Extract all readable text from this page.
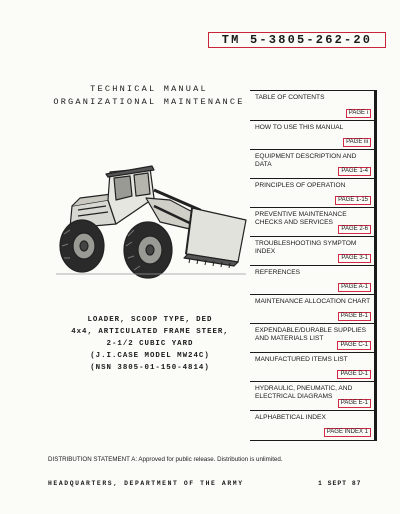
TM 5-3805-262-20
TECHNICAL MANUAL
ORGANIZATIONAL MAINTENANCE
LOADER, SCOOP TYPE, DED
4x4, ARTICULATED FRAME STEER,
2-1/2 CUBIC YARD
(J.I.CASE MODEL MW24C)
(NSN 3805-01-150-4814)
TABLE OF CONTENTS
PAGE i
HOW TO USE THIS MANUAL
PAGE iii
EQUIPMENT DESCRIPTION AND DATA
PAGE 1-4
PRINCIPLES OF OPERATION
PAGE 1-15
PREVENTIVE MAINTENANCE CHECKS AND SERVICES
PAGE 2-6
TROUBLESHOOTING SYMPTOM INDEX
PAGE 3-1
REFERENCES
PAGE A-1
MAINTENANCE ALLOCATION CHART
PAGE B-1
EXPENDABLE/DURABLE SUPPLIES AND MATERIALS LIST
PAGE C-1
MANUFACTURED ITEMS LIST
PAGE D-1
HYDRAULIC, PNEUMATIC, AND ELECTRICAL DIAGRAMS
PAGE E-1
ALPHABETICAL INDEX
PAGE INDEX 1
DISTRIBUTION STATEMENT A: Approved for public release. Distribution is unlimited.
HEADQUARTERS, DEPARTMENT OF THE ARMY	1 SEPT 87
